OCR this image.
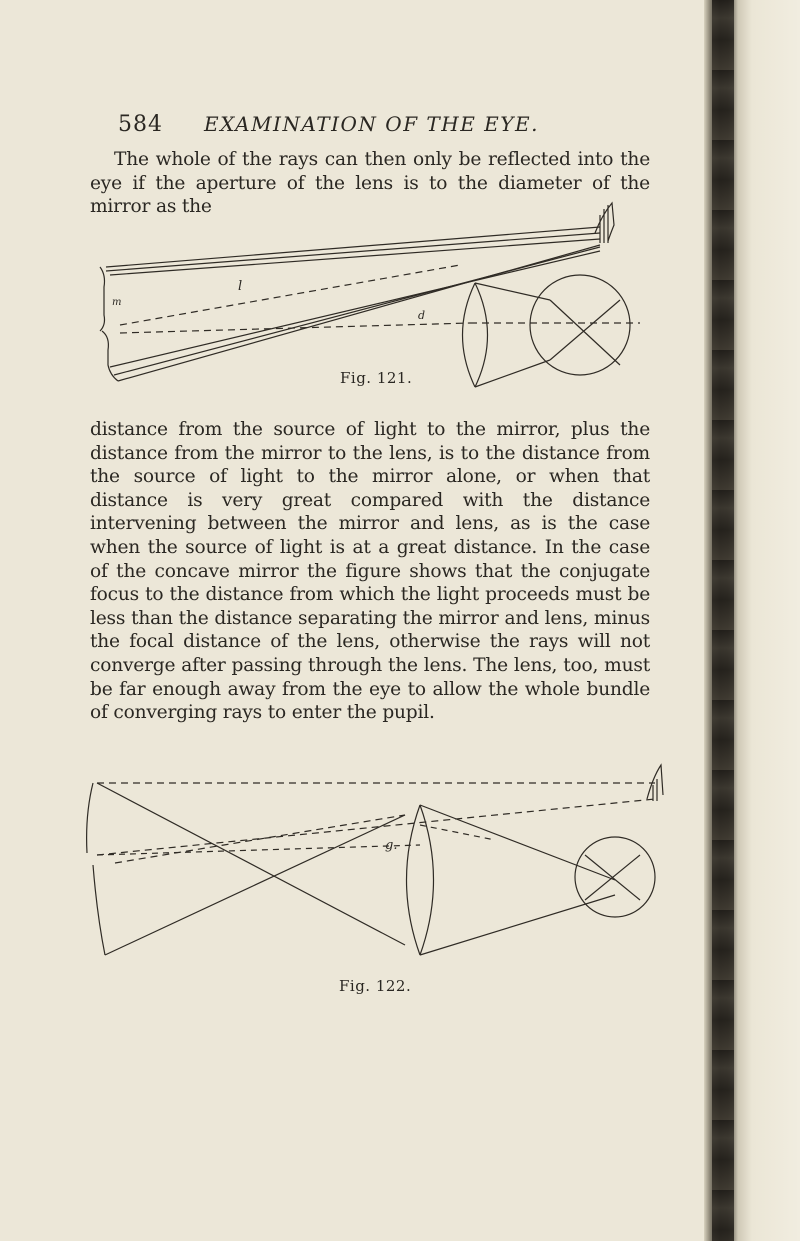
584 EXAMINATION OF THE EYE.
The whole of the rays can then only be reflected into the eye if the aperture of the lens is to the diameter of the mirror as the
l
m
d
Fig. 121.
distance from the source of light to the mirror, plus the distance from the mirror to the lens, is to the distance from the source of light to the mirror alone, or when that distance is very great compared with the distance intervening between the mirror and lens, as is the case when the source of light is at a great distance. In the case of the concave mirror the figure shows that the conjugate focus to the distance from which the light proceeds must be less than the distance separating the mirror and lens, minus the focal distance of the lens, otherwise the rays will not converge after passing through the lens. The lens, too, must be far enough away from the eye to allow the whole bundle of converging rays to enter the pupil.
g.
Fig. 122.
